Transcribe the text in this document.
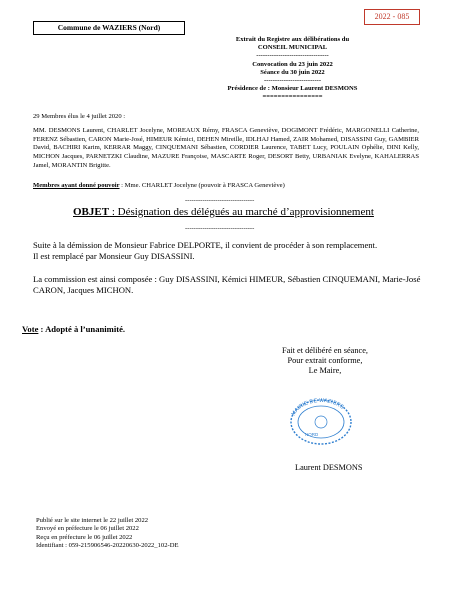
Commune de WAZIERS (Nord)
2022 - 085
Extrait du Registre aux délibérations du
CONSEIL MUNICIPAL
---------------------------------
Convocation du 23 juin 2022
Séance du 30 juin 2022
--------------------------
Présidence de : Monsieur Laurent DESMONS
================
29 Membres élus le 4 juillet 2020 :
MM. DESMONS Laurent, CHARLET Jocelyne, MOREAUX Rémy, FRASCA Geneviève, DOGIMONT Frédéric, MARGONELLI Catherine, FERENZ Sébastien, CARON Marie-José, HIMEUR Kémici, DEHEN Mireille, IDLHAJ Hamed, ZAIR Mohamed, DISASSINI Guy, GAMBIER David, BACHIRI Karim, KERRAR Maggy, CINQUEMANI Sébastien, CORDIER Laurence, TABET Lucy, POULAIN Ophélie, DINI Kelly, MICHON Jacques, PARNETZKI Claudine, MAZURE Françoise, MASCARTE Roger, DESORT Betty, URBANIAK Evelyne, KAHALERRAS Jamel, MORANTIN Brigitte.
Membres ayant donné pouvoir : Mme. CHARLET Jocelyne (pouvoir à FRASCA Geneviève)
--------------------------------
OBJET : Désignation des délégués au marché d’approvisionnement
--------------------------------
Suite à la démission de Monsieur Fabrice DELPORTE, il convient de procéder à son remplacement.
Il est remplacé par Monsieur Guy DISASSINI.
La commission est ainsi composée : Guy DISASSINI, Kémici HIMEUR, Sébastien CINQUEMANI, Marie-José CARON, Jacques MICHON.
Vote : Adopté à l’unanimité.
Fait et délibéré en séance,
Pour extrait conforme,
Le Maire,
MAIRIE DE WAZIERS
NORD
Laurent DESMONS
Publié sur le site internet le 22 juillet 2022
Envoyé en préfecture le 06 juillet 2022
Reçu en préfecture le 06 juillet 2022
Identifiant : 059-215906546-20220630-2022_102-DE
